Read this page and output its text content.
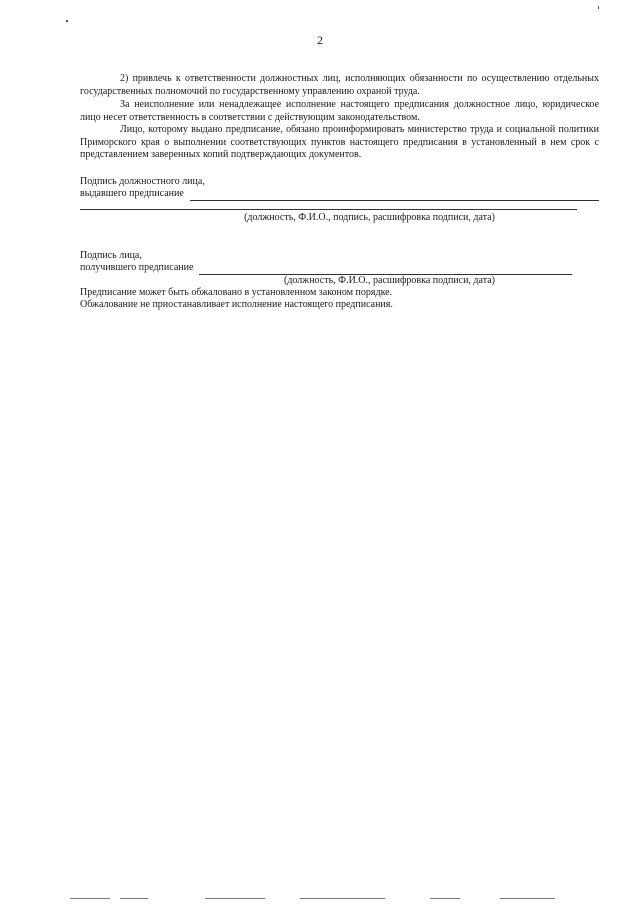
2

2) привлечь к ответственности должностных лиц, исполняющих обязанности по осуществлению отдельных государственных полномочий по государственному управлению охраной труда.

За неисполнение или ненадлежащее исполнение настоящего предписания должностное лицо, юридическое лицо несет ответственность в соответствии с действующим законодательством.

Лицо, которому выдано предписание, обязано проинформировать министерство труда и социальной политики Приморского края о выполнении соответствующих пунктов настоящего предписания в установленный в нем срок с представлением заверенных копий подтверждающих документов.

Подпись должностного лица,

выдавшего предписание
(должность, Ф.И.О., подпись, расшифровка подписи, дата)

Подпись лица,

получившего предписание
(должность, Ф.И.О., расшифровка подписи, дата)

Предписание может быть обжаловано в установленном законом порядке.

Обжалование не приостанавливает исполнение настоящего предписания.
